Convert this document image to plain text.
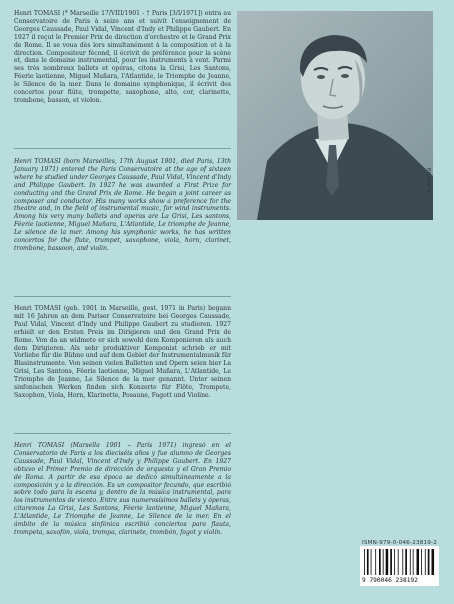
Henri TOMASI (* Marseille 17/VIII/1901 - † Paris [3/I/1971]) entra au Conservatoire de Paris à seize ans et suivit l'enseignement de Georges Caussade, Paul Vidal, Vincent d'Indy et Philippe Gaubert. En 1927 il reçut le Premier Prix de direction d'orchestre et le Grand Prix de Rome. Il se voua dès lors simultanément à la composition et à la direction. Compositeur fécond, il écrivit de préférence pour la scène et, dans le domaine instrumental, pour les instruments à vent. Parmi ses très nombreux ballets et opéras, citons la Grisi, Les Santons, Féerie laotienne, Miguel Mañara, l'Atlantide, le Triomphe de Jeanne, le Silence de la mer. Dans le domaine symphonique, il écrivit des concertos pour flûte, trompette, saxophone, alto, cor, clarinette, trombone, basson, et violon.

Henri TOMASI (born Marseilles, 17th August 1901, died Paris, 13th January 1971) entered the Paris Conservatoire at the age of sixteen where he studied under Georges Caussade, Paul Vidal, Vincent d'Indy and Philippe Gaubert. In 1927 he was awarded a First Prize for conducting and the Grand Prix de Rome. He began a joint career as composer and conductor. His many works show a preference for the theatre and, in the field of instrumental music, for wind instruments. Among his very many ballets and operas are La Grisi, Les santons, Féerie laotienne, Miguel Mañara, L'Atlantide, Le triomphe de Jeanne, Le silence de la mer. Among his symphonic works, he has written concertos for the flute, trumpet, saxophone, viola, horn, clarinet, trombone, bassoon, and violin.

Henri TOMASI (geb. 1901 in Marseille, gest. 1971 in Paris) begann mit 16 Jahren an dem Pariser Conservatoire bei Georges Caussade, Paul Vidal, Vincent d'Indy und Philippe Gaubert zu studieren. 1927 erhielt er den Ersten Preis im Dirigieren und den Grand Prix de Rome. Von da an widmete er sich sowohl dem Komponieren als auch dem Dirigieren. Als sehr produktiver Komponist schrieb er mit Vorliebe für die Bühne und auf dem Gebiet der Instrumentalmusik für Blasinstrumente. Von seinen vielen Balletten und Opern seien hier La Grisi, Les Santons, Féerie laotienne, Miguel Mañara, L'Atlantide, Le Triomphe de Jeanne, Le Silence de la mer genannt. Unter seinen sinfonischen Werken finden sich Konzerte für Flöte, Trompete, Saxophon, Viola, Horn, Klarinette, Posaune, Fagott und Violine.

Henri TOMASI (Marsella 1901 – París 1971) ingresó en el Conservatorio de París a los dieciséis años y fue alumno de Georges Caussade, Paul Vidal, Vincent d'Indy y Philippe Gaubert. En 1927 obtuvo el Primer Premio de dirección de orquesta y el Gran Premio de Roma. A partir de esa época se dedicó simultáneamente a la composición y a la dirección. Es un compositor fecundo, que escribió sobre todo para la escena y, dentro de la música instrumental, para los instrumentos de viento. Entre sus numerosísimos ballets y óperas, citaremos La Grisi, Les Santons, Féerie laotienne, Miguel Mañara, L'Atlantide, Le Triomphe de Jeanne, Le Silence de la mer. En el ámbito de la música sinfónica escribió conciertos para flauta, trompeta, saxofón, viola, trompa, clarinete, trombón, fagot y violín.

Photo X
ISMN-979-0-046-23819-2
9 790046 238192
